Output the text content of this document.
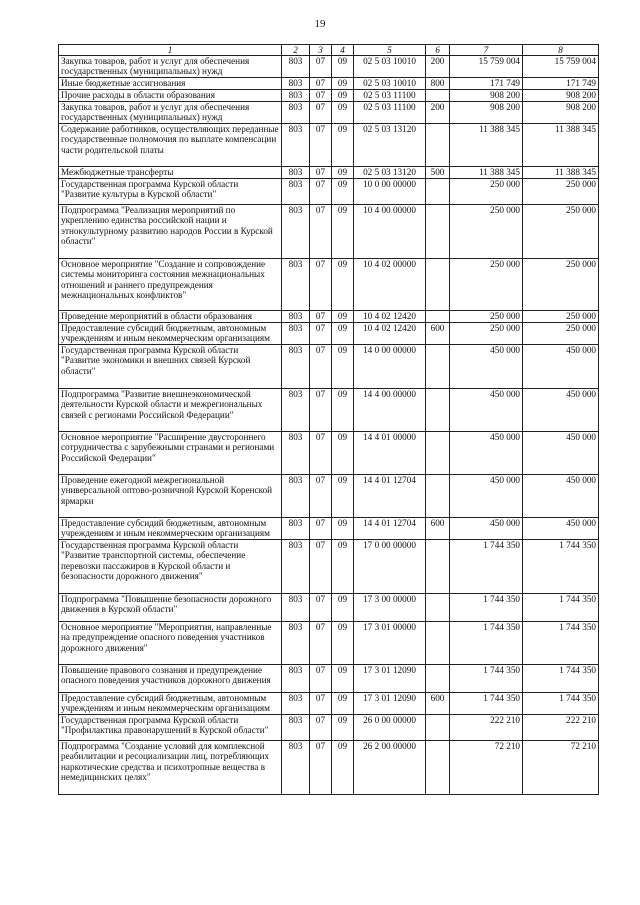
19
1	2	3	4	5	6	7	8
Закупка товаров, работ и услуг для обеспечения государственных (муниципальных) нужд	803	07	09	02 5 03 10010	200	15 759 004	15 759 004
Иные бюджетные ассигнования	803	07	09	02 5 03 10010	800	171 749	171 749
Прочие расходы в области образования	803	07	09	02 5 03 11100		908 200	908 200
Закупка товаров, работ и услуг для обеспечения государственных (муниципальных) нужд	803	07	09	02 5 03 11100	200	908 200	908 200
Содержание работников, осуществляющих переданные государственные полномочия по выплате компенсации части родительской платы	803	07	09	02 5 03 13120		11 388 345	11 388 345
Межбюджетные трансферты	803	07	09	02 5 03 13120	500	11 388 345	11 388 345
Государственная программа Курской области "Развитие культуры в Курской области"	803	07	09	10 0 00 00000		250 000	250 000
Подпрограмма "Реализация мероприятий по укреплению единства российской нации и этнокультурному развитию народов России в Курской области"	803	07	09	10 4 00 00000		250 000	250 000
Основное мероприятие "Создание и сопровождение системы мониторинга состояния межнациональных отношений и раннего предупреждения межнациональных конфликтов"	803	07	09	10 4 02 00000		250 000	250 000
Проведение мероприятий в области образования	803	07	09	10 4 02 12420		250 000	250 000
Предоставление субсидий бюджетным, автономным учреждениям и иным некоммерческим организациям	803	07	09	10 4 02 12420	600	250 000	250 000
Государственная программа Курской области "Развитие экономики и внешних связей Курской области"	803	07	09	14 0 00 00000		450 000	450 000
Подпрограмма "Развитие внешнеэкономической деятельности Курской области и межрегиональных связей с регионами Российской Федерации"	803	07	09	14 4 00 00000		450 000	450 000
Основное мероприятие "Расширение двустороннего сотрудничества с зарубежными странами и регионами Российской Федерации"	803	07	09	14 4 01 00000		450 000	450 000
Проведение ежегодной межрегиональной универсальной оптово-розничной Курской Коренской ярмарки	803	07	09	14 4 01 12704		450 000	450 000
Предоставление субсидий бюджетным, автономным учреждениям и иным некоммерческим организациям	803	07	09	14 4 01 12704	600	450 000	450 000
Государственная программа Курской области "Развитие транспортной системы, обеспечение перевозки пассажиров в Курской области и безопасности дорожного движения"	803	07	09	17 0 00 00000		1 744 350	1 744 350
Подпрограмма "Повышение безопасности дорожного движения в Курской области"	803	07	09	17 3 00 00000		1 744 350	1 744 350
Основное мероприятие "Мероприятия, направленные на предупреждение опасного поведения участников дорожного движения"	803	07	09	17 3 01 00000		1 744 350	1 744 350
Повышение правового сознания и предупреждение опасного поведения участников дорожного движения	803	07	09	17 3 01 12090		1 744 350	1 744 350
Предоставление субсидий бюджетным, автономным учреждениям и иным некоммерческим организациям	803	07	09	17 3 01 12090	600	1 744 350	1 744 350
Государственная программа Курской области "Профилактика правонарушений в Курской области"	803	07	09	26 0 00 00000		222 210	222 210
Подпрограмма "Создание условий для комплексной реабилитации и ресоциализации лиц, потребляющих наркотические средства и психотропные вещества в немедицинских целях"	803	07	09	26 2 00 00000		72 210	72 210
